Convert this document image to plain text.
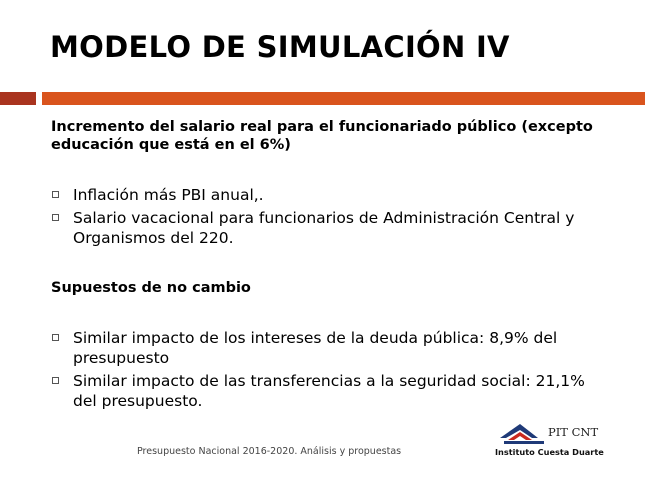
MODELO DE SIMULACIÓN IV
Incremento del salario real para el funcionariado público (excepto educación que está en el 6%)
Inflación más PBI anual,.
Salario vacacional para funcionarios de Administración Central y Organismos del 220.
Supuestos de no cambio
Similar impacto de los intereses de la deuda pública: 8,9% del presupuesto
Similar impacto de las transferencias a la seguridad social: 21,1% del presupuesto.
Presupuesto Nacional 2016-2020. Análisis y propuestas
PIT CNT
Instituto Cuesta Duarte
